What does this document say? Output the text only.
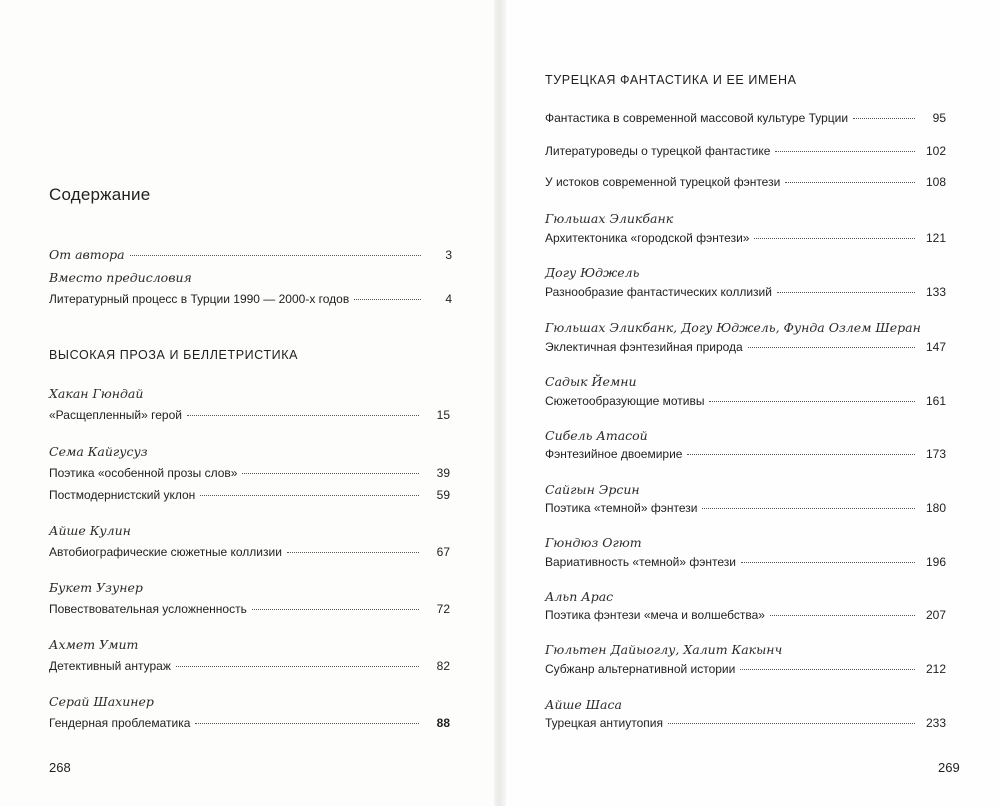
Содержание
От автора	3
Вместо предисловия
Литературный процесс в Турции 1990 — 2000-х годов	4
ВЫСОКАЯ ПРОЗА И БЕЛЛЕТРИСТИКА
Хакан Гюндай
«Расщепленный» герой	15
Сема Кайгусуз
Поэтика «особенной прозы слов»	39
Постмодернистский уклон	59
Айше Кулин
Автобиографические сюжетные коллизии	67
Букет Узунер
Повествовательная усложненность	72
Ахмет Умит
Детективный антураж	82
Серай Шахинер
Гендерная проблематика	88
268
ТУРЕЦКАЯ ФАНТАСТИКА И ЕЕ ИМЕНА
Фантастика в современной массовой культуре Турции	95
Литературоведы о турецкой фантастике	102
У истоков современной турецкой фэнтези	108
Гюльшах Эликбанк
Архитектоника «городской фэнтези»	121
Догу Юджель
Разнообразие фантастических коллизий	133
Гюльшах Эликбанк, Догу Юджель, Фунда Озлем Шеран
Эклектичная фэнтезийная природа	147
Садык Йемни
Сюжетообразующие мотивы	161
Сибель Атасой
Фэнтезийное двоемирие	173
Сайгын Эрсин
Поэтика «темной» фэнтези	180
Гюндюз Огют
Вариативность «темной» фэнтези	196
Альп Арас
Поэтика фэнтези «меча и волшебства»	207
Гюльтен Дайыоглу, Халит Какынч
Субжанр альтернативной истории	212
Айше Шаса
Турецкая антиутопия	233
269
